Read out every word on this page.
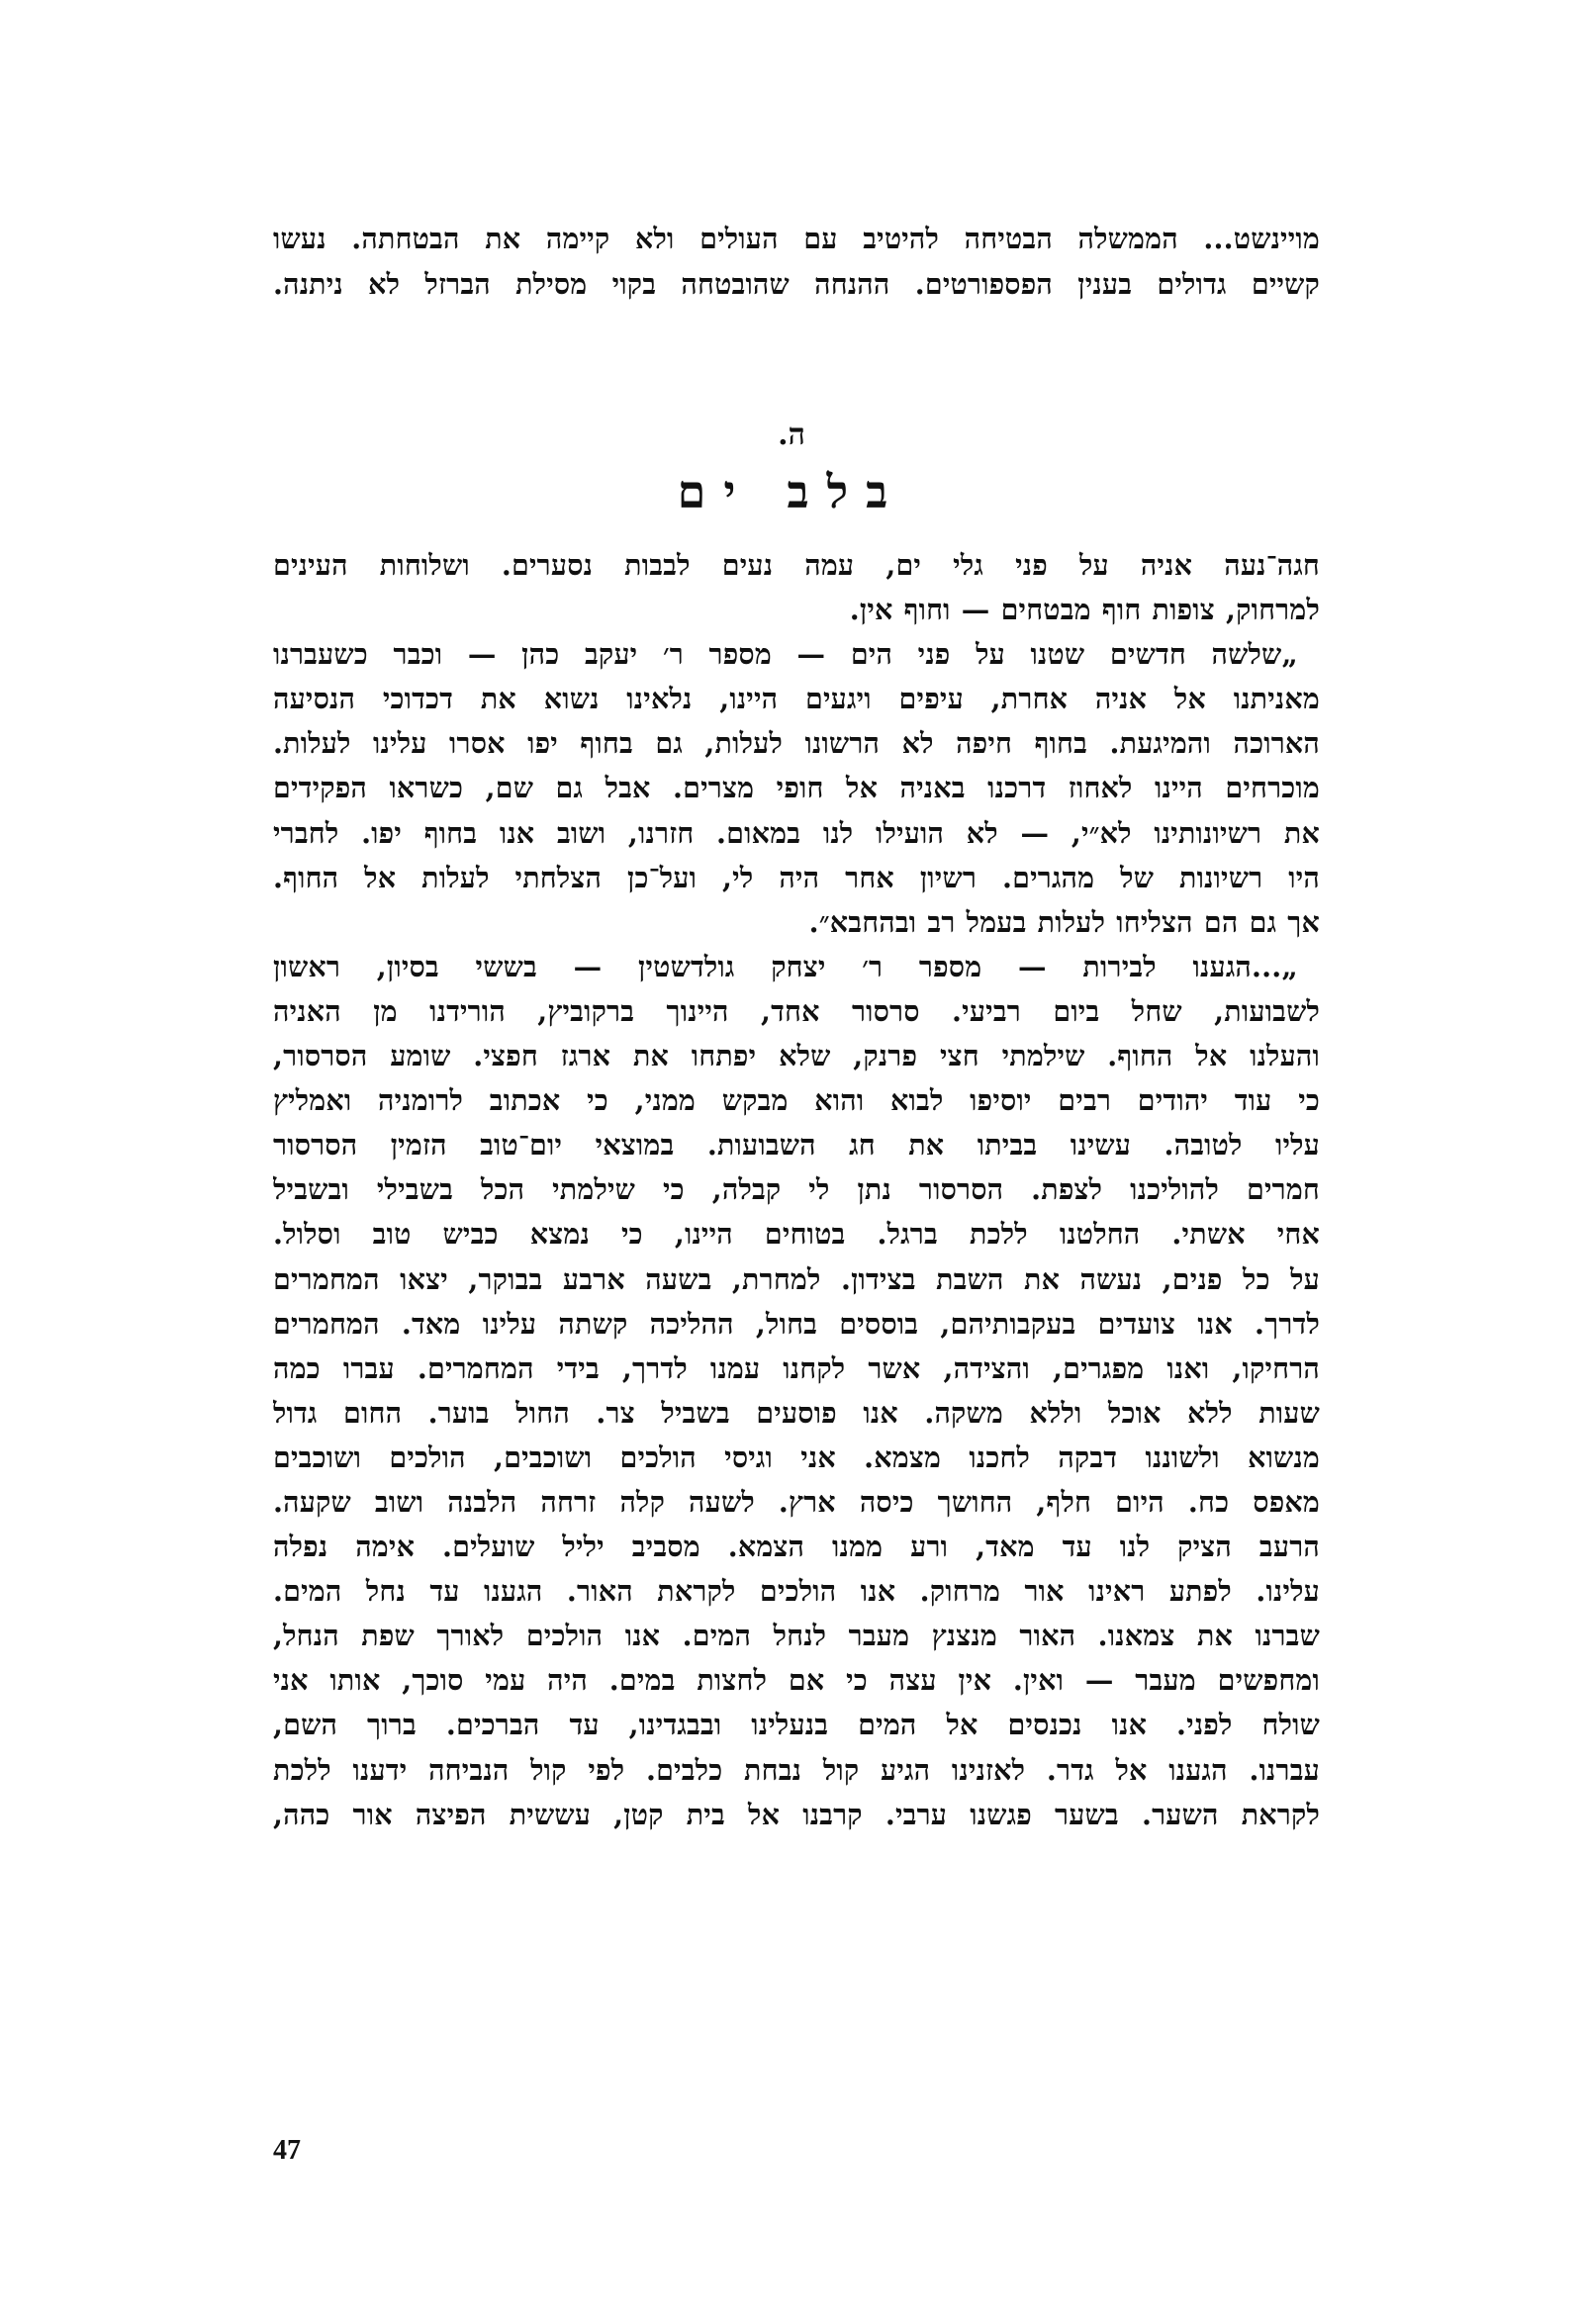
מויינשט... הממשלה הבטיחה להיטיב עם העולים ולא קיימה את הבטחתה. נעשו
קשיים גדולים בענין הפספורטים. ההנחה שהובטחה בקוי מסילת הברזל לא ניתנה.
ה.
בלב ים
חגה־נעה אניה על פני גלי ים, עמה נעים לבבות נסערים. ושלוחות העינים
למרחוק, צופות חוף מבטחים — וחוף אין.
„שלשה חדשים שטנו על פני הים — מספר ר׳ יעקב כהן — וכבר כשעברנו
מאניתנו אל אניה אחרת, עיפים ויגעים היינו, נלאינו נשוא את דכדוכי הנסיעה
הארוכה והמיגעת. בחוף חיפה לא הרשונו לעלות, גם בחוף יפו אסרו עלינו לעלות.
מוכרחים היינו לאחוז דרכנו באניה אל חופי מצרים. אבל גם שם, כשראו הפקידים
את רשיונותינו לא״י, — לא הועילו לנו במאום. חזרנו, ושוב אנו בחוף יפו. לחברי
היו רשיונות של מהגרים. רשיון אחר היה לי, ועל־כן הצלחתי לעלות אל החוף.
אך גם הם הצליחו לעלות בעמל רב ובהחבא״.
„...הגענו לבירות — מספר ר׳ יצחק גולדשטין — בששי בסיון, ראשון
לשבועות, שחל ביום רביעי. סרסור אחד, היינוך ברקוביץ, הורידנו מן האניה
והעלנו אל החוף. שילמתי חצי פרנק, שלא יפתחו את ארגז חפצי. שומע הסרסור,
כי עוד יהודים רבים יוסיפו לבוא והוא מבקש ממני, כי אכתוב לרומניה ואמליץ
עליו לטובה. עשינו בביתו את חג השבועות. במוצאי יום־טוב הזמין הסרסור
חמרים להוליכנו לצפת. הסרסור נתן לי קבלה, כי שילמתי הכל בשבילי ובשביל
אחי אשתי. החלטנו ללכת ברגל. בטוחים היינו, כי נמצא כביש טוב וסלול.
על כל פנים, נעשה את השבת בצידון. למחרת, בשעה ארבע בבוקר, יצאו המחמרים
לדרך. אנו צועדים בעקבותיהם, בוססים בחול, ההליכה קשתה עלינו מאד. המחמרים
הרחיקו, ואנו מפגרים, והצידה, אשר לקחנו עמנו לדרך, בידי המחמרים. עברו כמה
שעות ללא אוכל וללא משקה. אנו פוסעים בשביל צר. החול בוער. החום גדול
מנשוא ולשוננו דבקה לחכנו מצמא. אני וגיסי הולכים ושוכבים, הולכים ושוכבים
מאפס כח. היום חלף, החושך כיסה ארץ. לשעה קלה זרחה הלבנה ושוב שקעה.
הרעב הציק לנו עד מאד, ורע ממנו הצמא. מסביב יליל שועלים. אימה נפלה
עלינו. לפתע ראינו אור מרחוק. אנו הולכים לקראת האור. הגענו עד נחל המים.
שברנו את צמאנו. האור מנצנץ מעבר לנחל המים. אנו הולכים לאורך שפת הנחל,
ומחפשים מעבר — ואין. אין עצה כי אם לחצות במים. היה עמי סוכך, אותו אני
שולח לפני. אנו נכנסים אל המים בנעלינו ובבגדינו, עד הברכים. ברוך השם,
עברנו. הגענו אל גדר. לאזנינו הגיע קול נבחת כלבים. לפי קול הנביחה ידענו ללכת
לקראת השער. בשער פגשנו ערבי. קרבנו אל בית קטן, עששית הפיצה אור כהה,
47
